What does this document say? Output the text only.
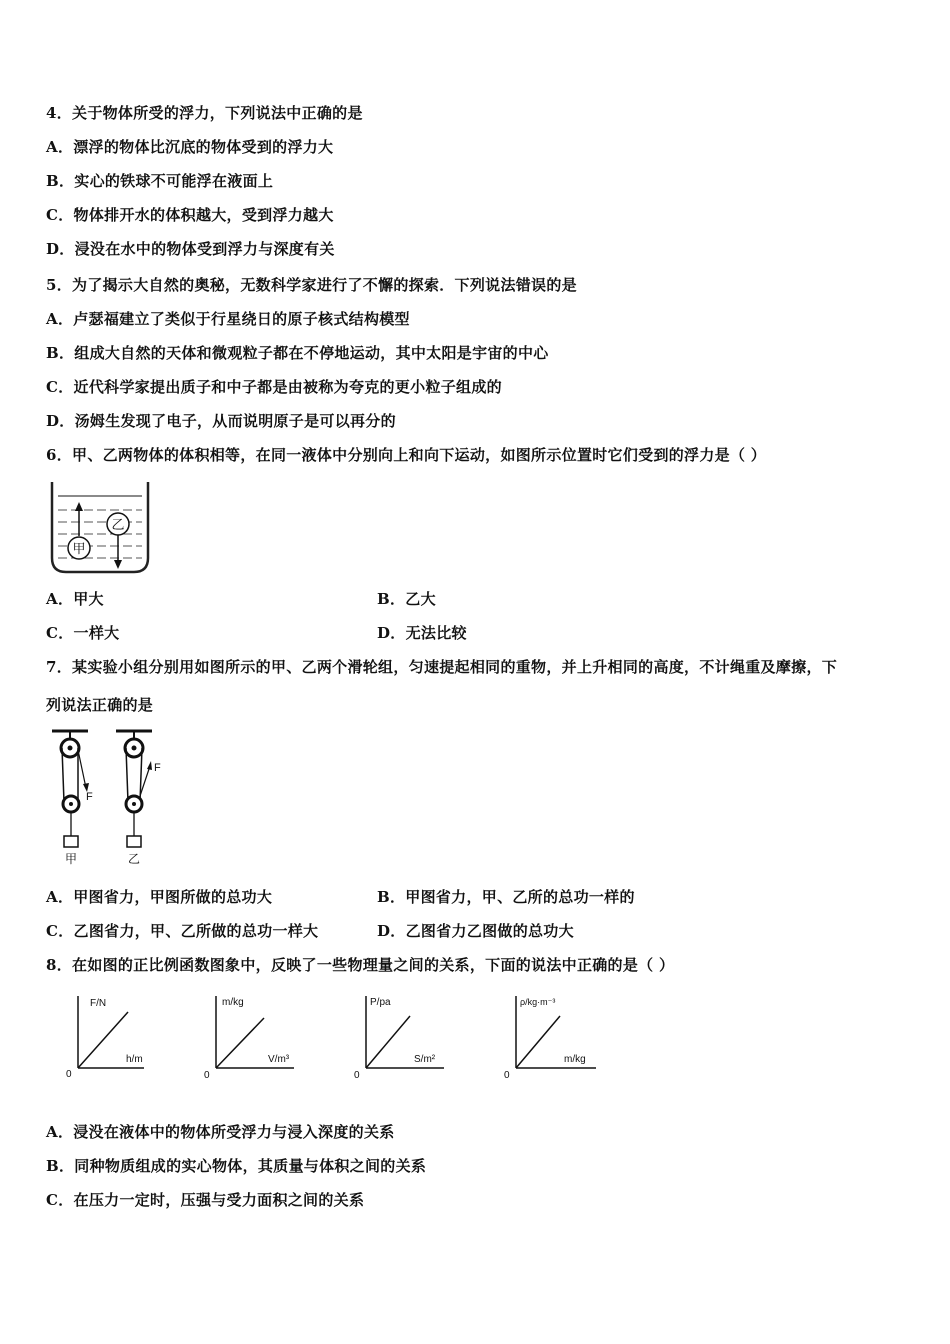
4．关于物体所受的浮力，下列说法中正确的是
A．漂浮的物体比沉底的物体受到的浮力大
B．实心的铁球不可能浮在液面上
C．物体排开水的体积越大，受到浮力越大
D．浸没在水中的物体受到浮力与深度有关
5．为了揭示大自然的奥秘，无数科学家进行了不懈的探索．下列说法错误的是
A．卢瑟福建立了类似于行星绕日的原子核式结构模型
B．组成大自然的天体和微观粒子都在不停地运动，其中太阳是宇宙的中心
C．近代科学家提出质子和中子都是由被称为夸克的更小粒子组成的
D．汤姆生发现了电子，从而说明原子是可以再分的
6．甲、乙两物体的体积相等，在同一液体中分别向上和向下运动，如图所示位置时它们受到的浮力是（ ）
甲
乙
A．甲大	B．乙大
C．一样大	D．无法比较
7．某实验小组分别用如图所示的甲、乙两个滑轮组，匀速提起相同的重物，并上升相同的高度，不计绳重及摩擦，下
列说法正确的是
F
甲
F
乙
A．甲图省力，甲图所做的总功大	B．甲图省力，甲、乙所的总功一样的
C．乙图省力，甲、乙所做的总功一样大	D．乙图省力乙图做的总功大
8．在如图的正比例函数图象中，反映了一些物理量之间的关系，下面的说法中正确的是（ ）
F/N
h/m
0
m/kg
V/m³
0
P/pa
S/m²
0
ρ/kg·m⁻³
m/kg
0
A．浸没在液体中的物体所受浮力与浸入深度的关系
B．同种物质组成的实心物体，其质量与体积之间的关系
C．在压力一定时，压强与受力面积之间的关系
